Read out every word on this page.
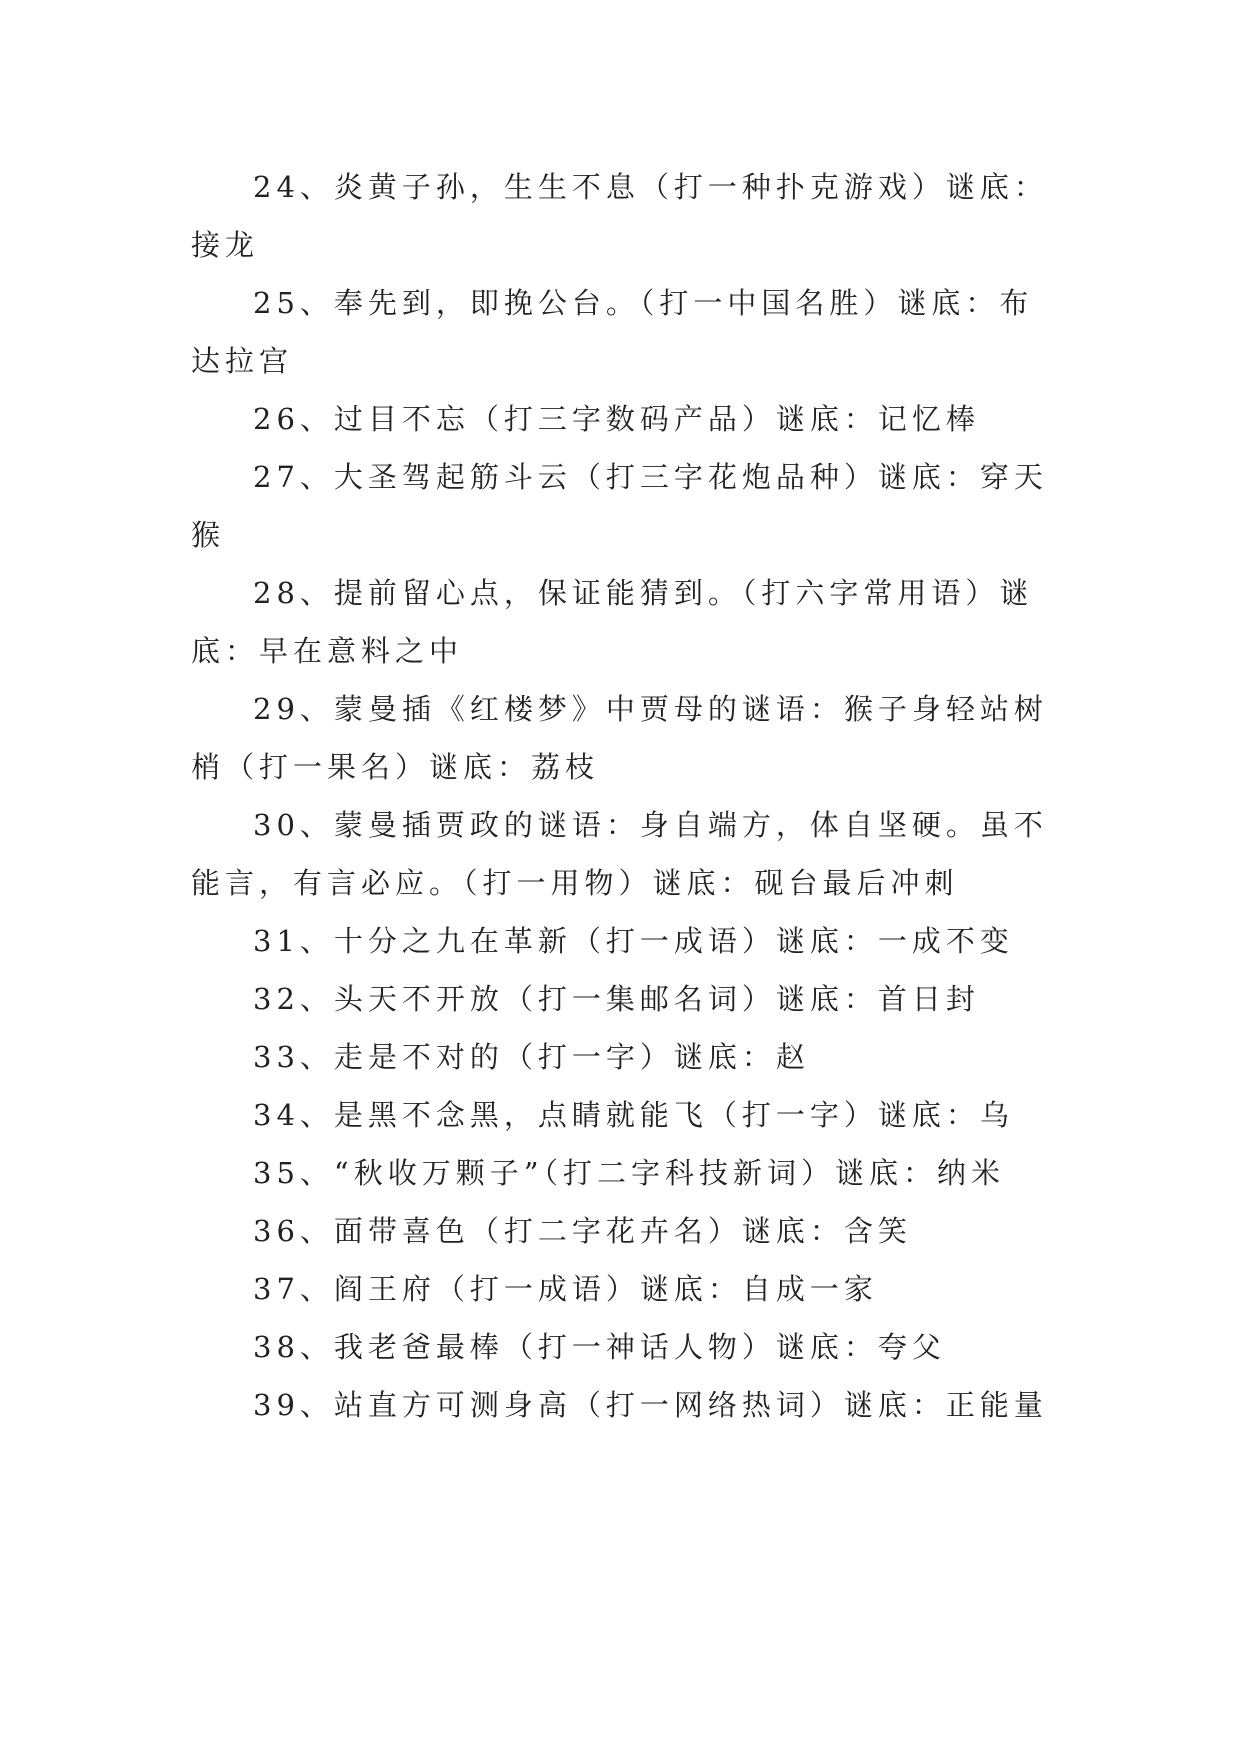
24、炎黄子孙，生生不息（打一种扑克游戏）谜底：接龙

25、奉先到，即挽公台。（打一中国名胜）谜底：布达拉宫

26、过目不忘（打三字数码产品）谜底：记忆棒

27、大圣驾起筋斗云（打三字花炮品种）谜底：穿天猴

28、提前留心点，保证能猜到。（打六字常用语）谜底：早在意料之中

29、蒙曼插《红楼梦》中贾母的谜语：猴子身轻站树梢（打一果名）谜底：荔枝

30、蒙曼插贾政的谜语：身自端方，体自坚硬。虽不能言，有言必应。（打一用物）谜底：砚台最后冲刺

31、十分之九在革新（打一成语）谜底：一成不变

32、头天不开放（打一集邮名词）谜底：首日封

33、走是不对的（打一字）谜底：赵

34、是黑不念黑，点睛就能飞（打一字）谜底：乌

35、“秋收万颗子”（打二字科技新词）谜底：纳米

36、面带喜色（打二字花卉名）谜底：含笑

37、阎王府（打一成语）谜底：自成一家

38、我老爸最棒（打一神话人物）谜底：夸父

39、站直方可测身高（打一网络热词）谜底：正能量
